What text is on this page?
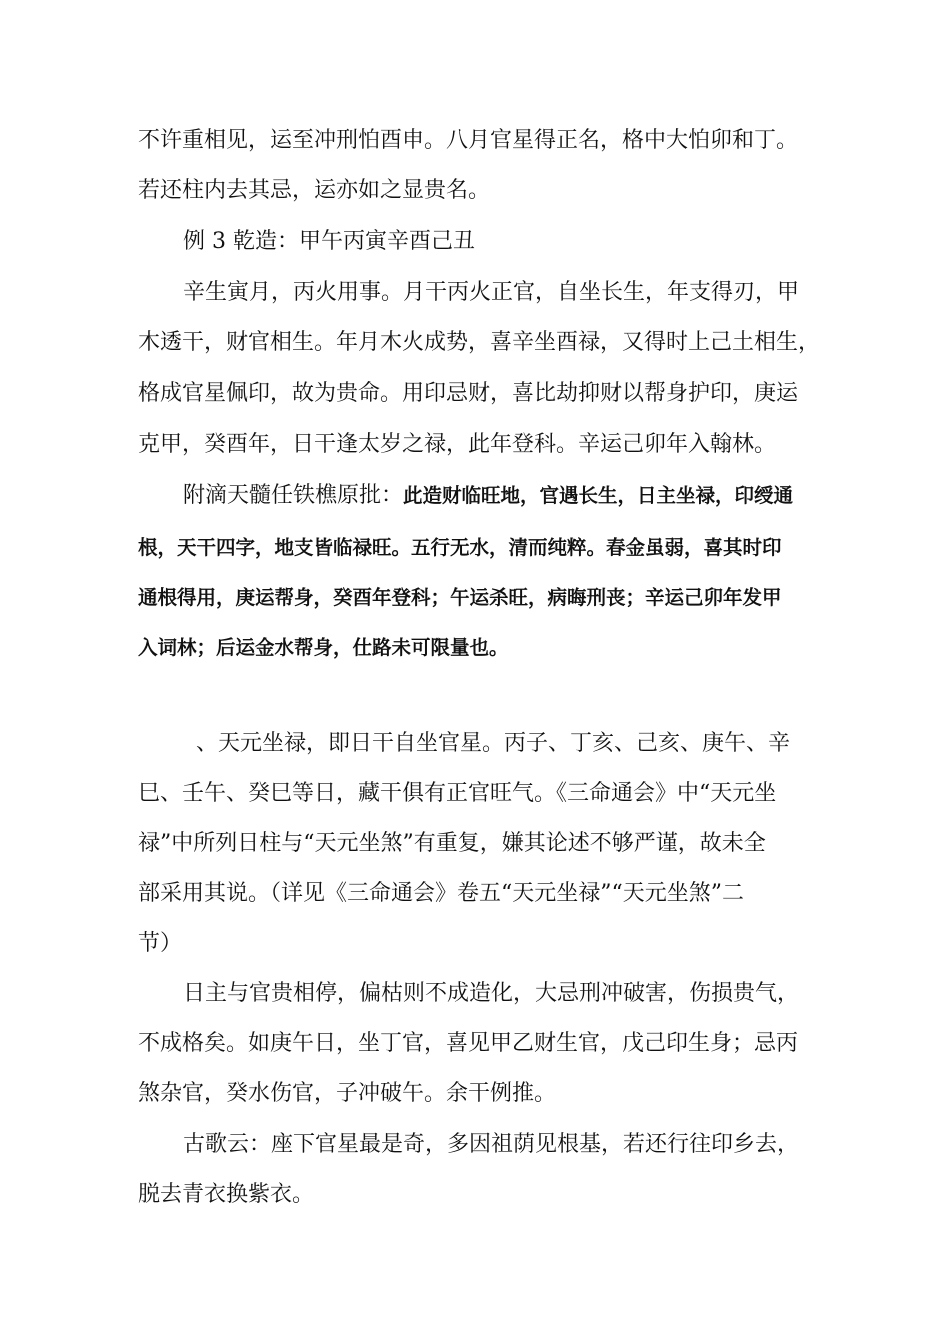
不许重相见，运至冲刑怕酉申。八月官星得正名，格中大怕卯和丁。
若还柱内去其忌，运亦如之显贵名。
例 3 乾造：甲午丙寅辛酉己丑
辛生寅月，丙火用事。月干丙火正官，自坐长生，年支得刃，甲
木透干，财官相生。年月木火成势，喜辛坐酉禄，又得时上己土相生，
格成官星佩印，故为贵命。用印忌财，喜比劫抑财以帮身护印，庚运
克甲，癸酉年，日干逢太岁之禄，此年登科。辛运己卯年入翰林。
附滴天髓任铁樵原批：此造财临旺地，官遇长生，日主坐禄，印绶通
根，天干四字，地支皆临禄旺。五行无水，清而纯粹。春金虽弱，喜其时印
通根得用，庚运帮身，癸酉年登科；午运杀旺，病晦刑丧；辛运己卯年发甲
入词林；后运金水帮身，仕路未可限量也。
、天元坐禄，即日干自坐官星。丙子、丁亥、己亥、庚午、辛
巳、壬午、癸巳等日，藏干俱有正官旺气。《三命通会》中“天元坐
禄”中所列日柱与“天元坐煞”有重复，嫌其论述不够严谨，故未全
部采用其说。（详见《三命通会》卷五“天元坐禄”“天元坐煞”二
节）
日主与官贵相停，偏枯则不成造化，大忌刑冲破害，伤损贵气，
不成格矣。如庚午日，坐丁官，喜见甲乙财生官，戊己印生身；忌丙
煞杂官，癸水伤官，子冲破午。余干例推。
古歌云：座下官星最是奇，多因祖荫见根基，若还行往印乡去，
脱去青衣换紫衣。
